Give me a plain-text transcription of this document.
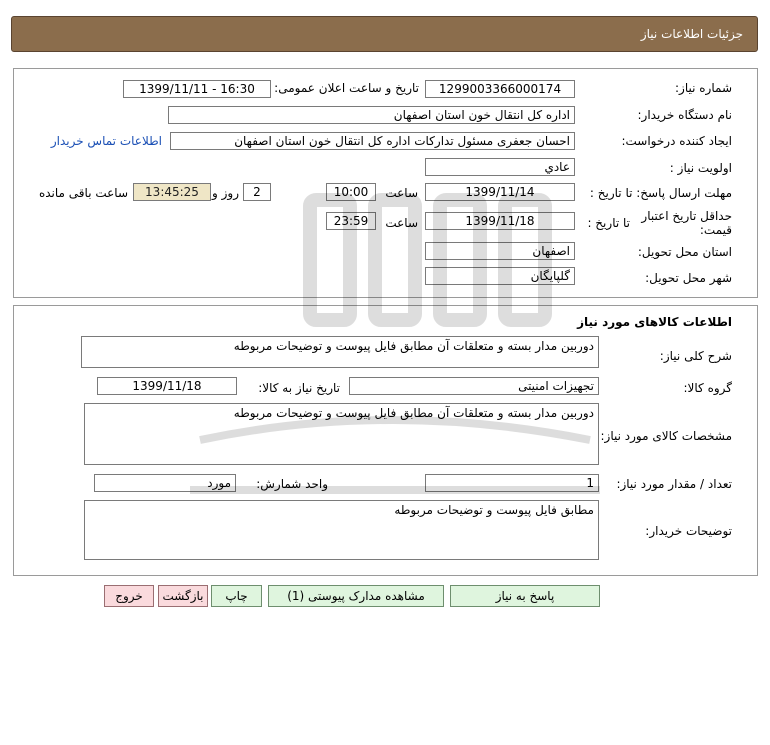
جزئیات اطلاعات نیاز
شماره نیاز:
1299003366000174
تاریخ و ساعت اعلان عمومی:
1399/11/11 - 16:30
نام دستگاه خریدار:
اداره کل انتقال خون استان اصفهان
ایجاد کننده درخواست:
احسان جعفری مسئول تدارکات اداره کل انتقال خون استان اصفهان
اطلاعات تماس خریدار
اولویت نیاز :
عادي
مهلت ارسال پاسخ: تا تاریخ :
1399/11/14
ساعت
10:00
2
روز و
13:45:25
ساعت باقی مانده
حداقل تاریخ اعتبار قیمت:
تا تاریخ :
1399/11/18
ساعت
23:59
استان محل تحویل:
اصفهان
شهر محل تحویل:
گلپایگان
اطلاعات کالاهای مورد نیاز
شرح کلی نیاز:
دوربین مدار بسته و متعلقات آن مطابق فایل پیوست و توضیحات مربوطه
گروه کالا:
تجهیزات امنیتی
تاریخ نیاز به کالا:
1399/11/18
مشخصات کالای مورد نیاز:
دوربین مدار بسته و متعلقات آن مطابق فایل پیوست و توضیحات مربوطه
تعداد / مقدار مورد نیاز:
1
واحد شمارش:
مورد
توضیحات خریدار:
مطابق فایل پیوست و توضیحات مربوطه
پاسخ به نیاز
مشاهده مدارک پیوستی (1)
چاپ
بازگشت
خروج
